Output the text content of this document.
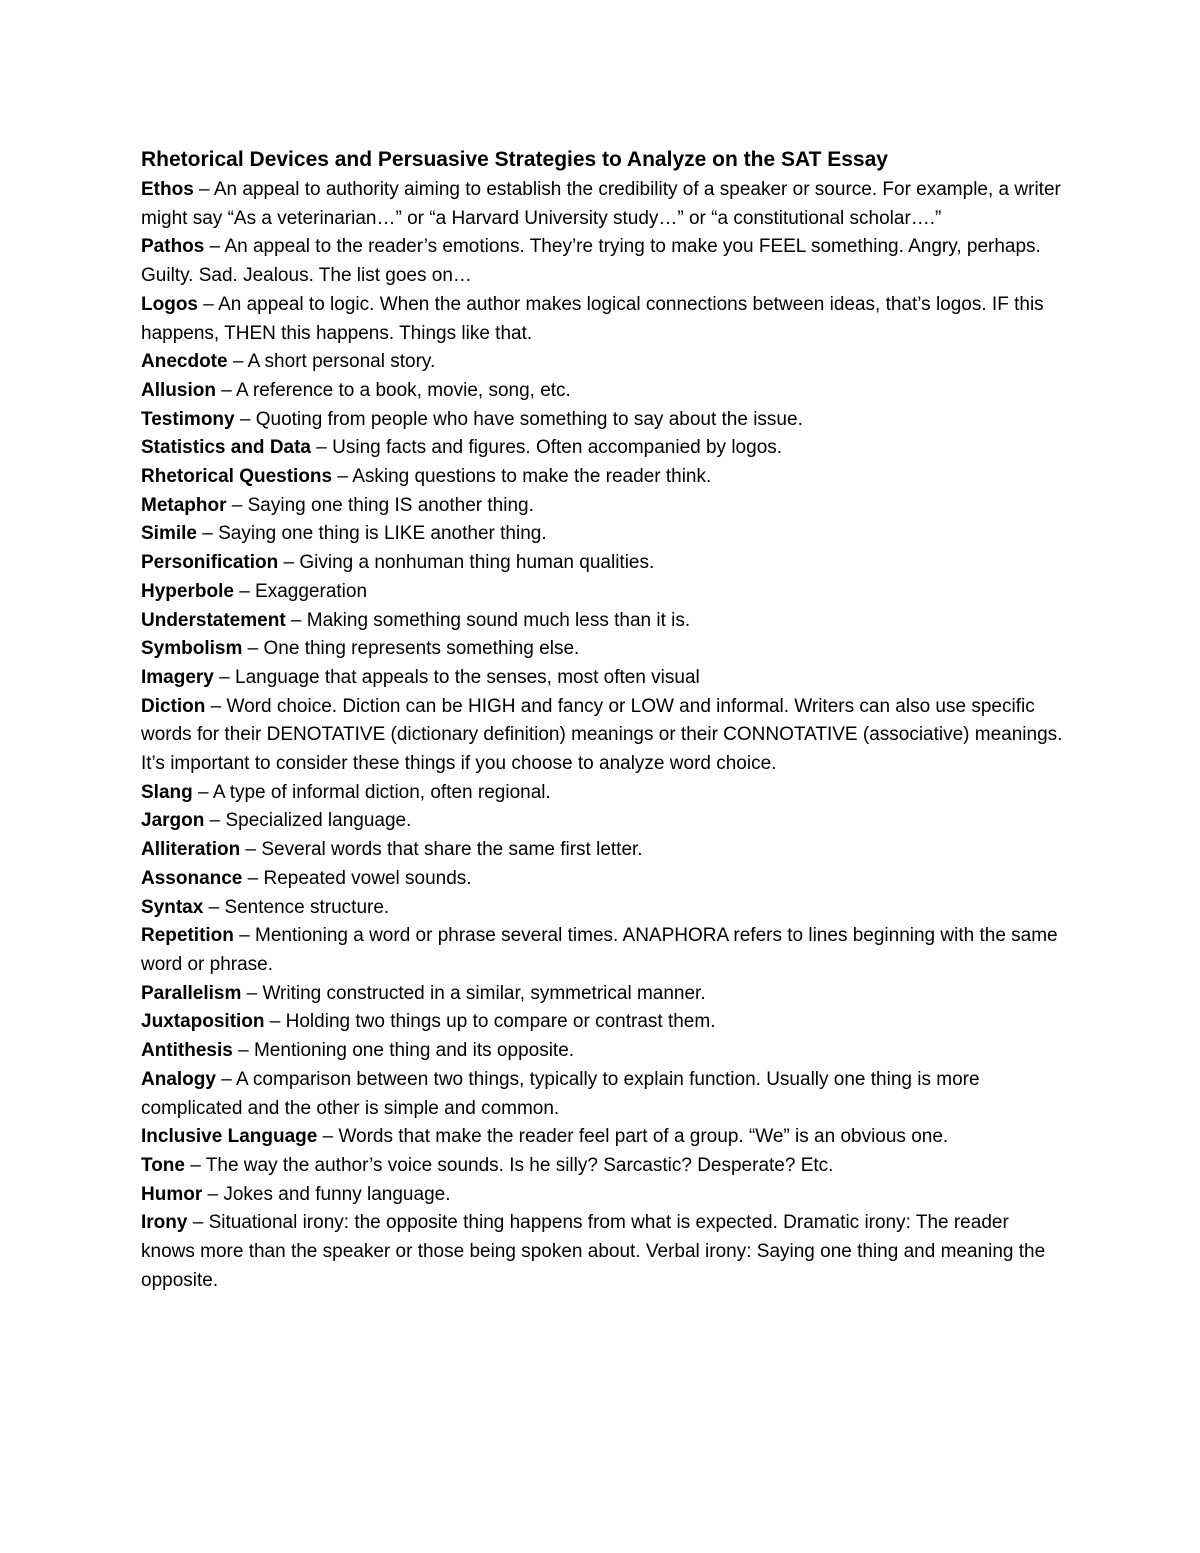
Rhetorical Devices and Persuasive Strategies to Analyze on the SAT Essay

Ethos – An appeal to authority aiming to establish the credibility of a speaker or source. For example, a writer might say “As a veterinarian…” or “a Harvard University study…” or “a constitutional scholar….”

Pathos – An appeal to the reader’s emotions. They’re trying to make you FEEL something. Angry, perhaps. Guilty. Sad. Jealous. The list goes on…

Logos – An appeal to logic. When the author makes logical connections between ideas, that’s logos. IF this happens, THEN this happens. Things like that.

Anecdote – A short personal story.

Allusion – A reference to a book, movie, song, etc.

Testimony – Quoting from people who have something to say about the issue.

Statistics and Data – Using facts and figures. Often accompanied by logos.

Rhetorical Questions – Asking questions to make the reader think.

Metaphor – Saying one thing IS another thing.

Simile – Saying one thing is LIKE another thing.

Personification – Giving a nonhuman thing human qualities.

Hyperbole – Exaggeration

Understatement – Making something sound much less than it is.

Symbolism – One thing represents something else.

Imagery – Language that appeals to the senses, most often visual

Diction – Word choice. Diction can be HIGH and fancy or LOW and informal. Writers can also use specific words for their DENOTATIVE (dictionary definition) meanings or their CONNOTATIVE (associative) meanings. It’s important to consider these things if you choose to analyze word choice.

Slang – A type of informal diction, often regional.

Jargon – Specialized language.

Alliteration – Several words that share the same first letter.

Assonance – Repeated vowel sounds.

Syntax – Sentence structure.

Repetition – Mentioning a word or phrase several times. ANAPHORA refers to lines beginning with the same word or phrase.

Parallelism – Writing constructed in a similar, symmetrical manner.

Juxtaposition – Holding two things up to compare or contrast them.

Antithesis – Mentioning one thing and its opposite.

Analogy – A comparison between two things, typically to explain function. Usually one thing is more complicated and the other is simple and common.

Inclusive Language – Words that make the reader feel part of a group. “We” is an obvious one.

Tone – The way the author’s voice sounds. Is he silly? Sarcastic? Desperate? Etc.

Humor – Jokes and funny language.

Irony – Situational irony: the opposite thing happens from what is expected. Dramatic irony: The reader knows more than the speaker or those being spoken about. Verbal irony: Saying one thing and meaning the opposite.
